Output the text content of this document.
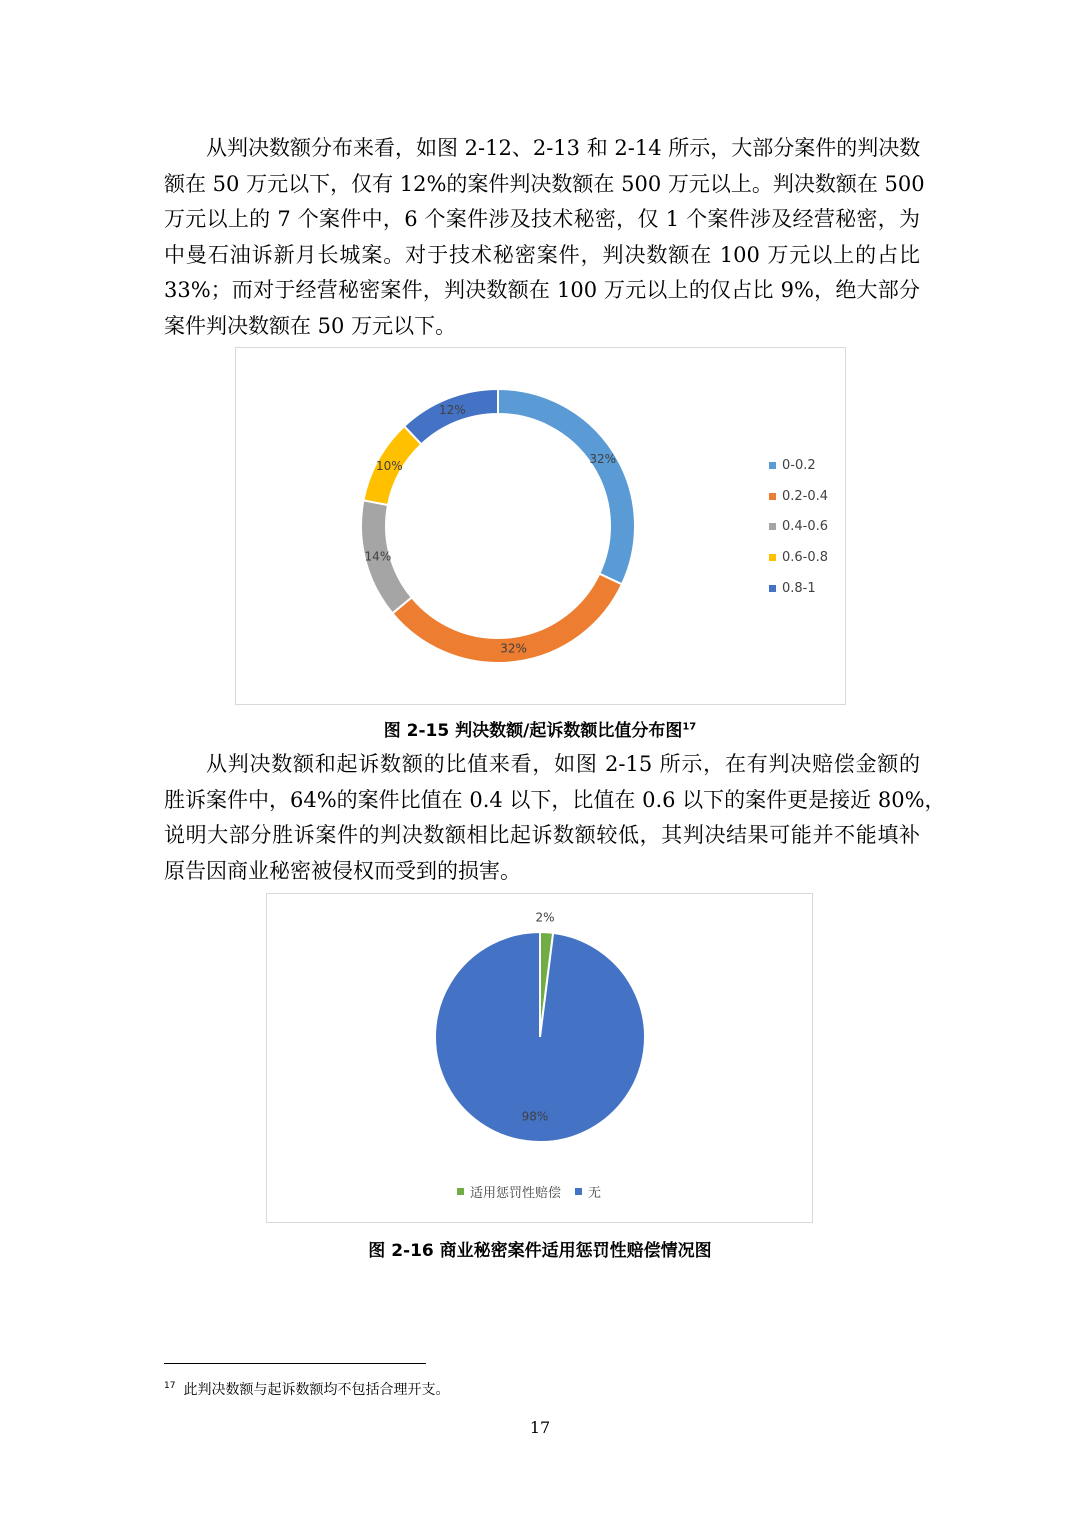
从判决数额分布来看，如图 2-12、2-13 和 2-14 所示，大部分案件的判决数
额在 50 万元以下，仅有 12%的案件判决数额在 500 万元以上。判决数额在 500
万元以上的 7 个案件中，6 个案件涉及技术秘密，仅 1 个案件涉及经营秘密，为
中曼石油诉新月长城案。对于技术秘密案件，判决数额在 100 万元以上的占比
33%；而对于经营秘密案件，判决数额在 100 万元以上的仅占比 9%，绝大部分
案件判决数额在 50 万元以下。
32%
32%
14%
10%
12%
0-0.2
0.2-0.4
0.4-0.6
0.6-0.8
0.8-1
图 2-15 判决数额/起诉数额比值分布图$^{17}$
从判决数额和起诉数额的比值来看，如图 2-15 所示，在有判决赔偿金额的
胜诉案件中，64%的案件比值在 0.4 以下，比值在 0.6 以下的案件更是接近 80%，
说明大部分胜诉案件的判决数额相比起诉数额较低，其判决结果可能并不能填补
原告因商业秘密被侵权而受到的损害。
2%
98%
适用惩罚性赔偿 无
图 2-16 商业秘密案件适用惩罚性赔偿情况图
$^{17}$ 此判决数额与起诉数额均不包括合理开支。
17
